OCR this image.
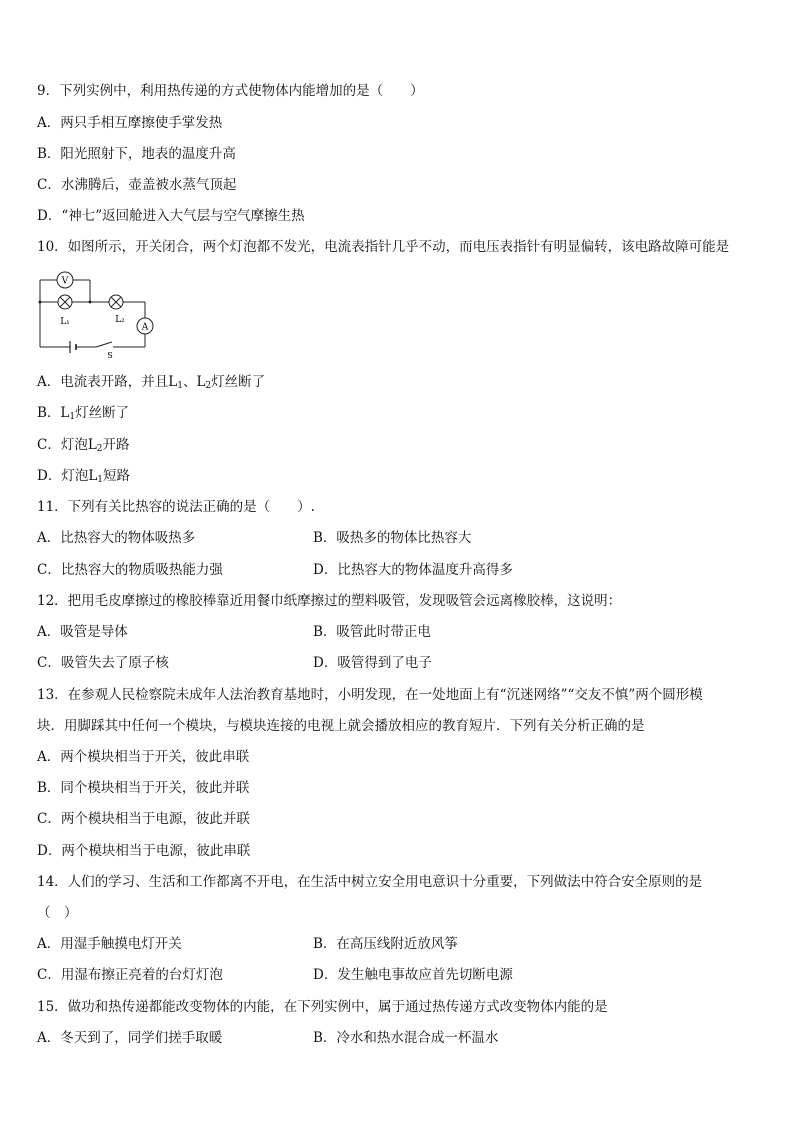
9．下列实例中，利用热传递的方式使物体内能增加的是（　　）
A．两只手相互摩擦使手掌发热
B．阳光照射下，地表的温度升高
C．水沸腾后，壶盖被水蒸气顶起
D．“神七”返回舱进入大气层与空气摩擦生热
10．如图所示，开关闭合，两个灯泡都不发光，电流表指针几乎不动，而电压表指针有明显偏转，该电路故障可能是
V
L₁	L₂
A
S
A．电流表开路，并且$L_1$、$L_2$灯丝断了
B．$L_1$灯丝断了
C．灯泡$L_2$开路
D．灯泡$L_1$短路
11．下列有关比热容的说法正确的是（　　）.
A．比热容大的物体吸热多	B．吸热多的物体比热容大
C．比热容大的物质吸热能力强	D．比热容大的物体温度升高得多
12．把用毛皮摩擦过的橡胶棒靠近用餐巾纸摩擦过的塑料吸管，发现吸管会远离橡胶棒，这说明：
A．吸管是导体	B．吸管此时带正电
C．吸管失去了原子核	D．吸管得到了电子
13．在参观人民检察院未成年人法治教育基地时，小明发现，在一处地面上有“沉迷网络”“交友不慎”两个圆形模
块．用脚踩其中任何一个模块，与模块连接的电视上就会播放相应的教育短片．下列有关分析正确的是
A．两个模块相当于开关，彼此串联
B．同个模块相当于开关，彼此并联
C．两个模块相当于电源，彼此并联
D．两个模块相当于电源，彼此串联
14．人们的学习、生活和工作都离不开电，在生活中树立安全用电意识十分重要，下列做法中符合安全原则的是
（　）
A．用湿手触摸电灯开关	B．在高压线附近放风筝
C．用湿布擦正亮着的台灯灯泡	D．发生触电事故应首先切断电源
15．做功和热传递都能改变物体的内能，在下列实例中，属于通过热传递方式改变物体内能的是
A．冬天到了，同学们搓手取暖	B．冷水和热水混合成一杯温水
